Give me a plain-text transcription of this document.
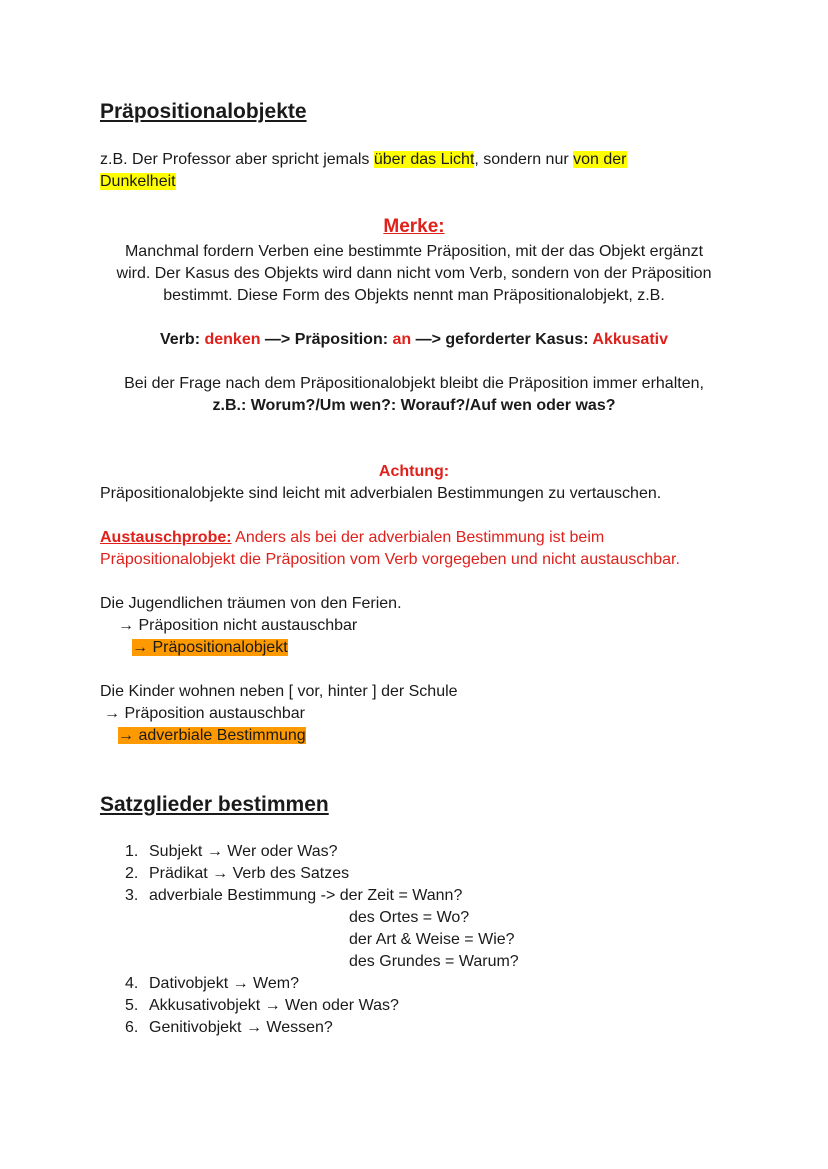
Präpositionalobjekte
z.B. Der Professor aber spricht jemals über das Licht, sondern nur von der
Dunkelheit
Merke:
Manchmal fordern Verben eine bestimmte Präposition, mit der das Objekt ergänzt
wird. Der Kasus des Objekts wird dann nicht vom Verb, sondern von der Präposition
bestimmt. Diese Form des Objekts nennt man Präpositionalobjekt, z.B.
Verb: denken —> Präposition: an —> geforderter Kasus: Akkusativ
Bei der Frage nach dem Präpositionalobjekt bleibt die Präposition immer erhalten,
z.B.: Worum?/Um wen?: Worauf?/Auf wen oder was?
Achtung:
Präpositionalobjekte sind leicht mit adverbialen Bestimmungen zu vertauschen.
Austauschprobe: Anders als bei der adverbialen Bestimmung ist beim
Präpositionalobjekt die Präposition vom Verb vorgegeben und nicht austauschbar.
Die Jugendlichen träumen von den Ferien.
→ Präposition nicht austauschbar
→ Präpositionalobjekt
Die Kinder wohnen neben [ vor, hinter ] der Schule
→ Präposition austauschbar
→ adverbiale Bestimmung
Satzglieder bestimmen
1. Subjekt → Wer oder Was?
2. Prädikat → Verb des Satzes
3. adverbiale Bestimmung -> der Zeit = Wann?
des Ortes = Wo?
der Art & Weise = Wie?
des Grundes = Warum?
4. Dativobjekt → Wem?
5. Akkusativobjekt → Wen oder Was?
6. Genitivobjekt → Wessen?
